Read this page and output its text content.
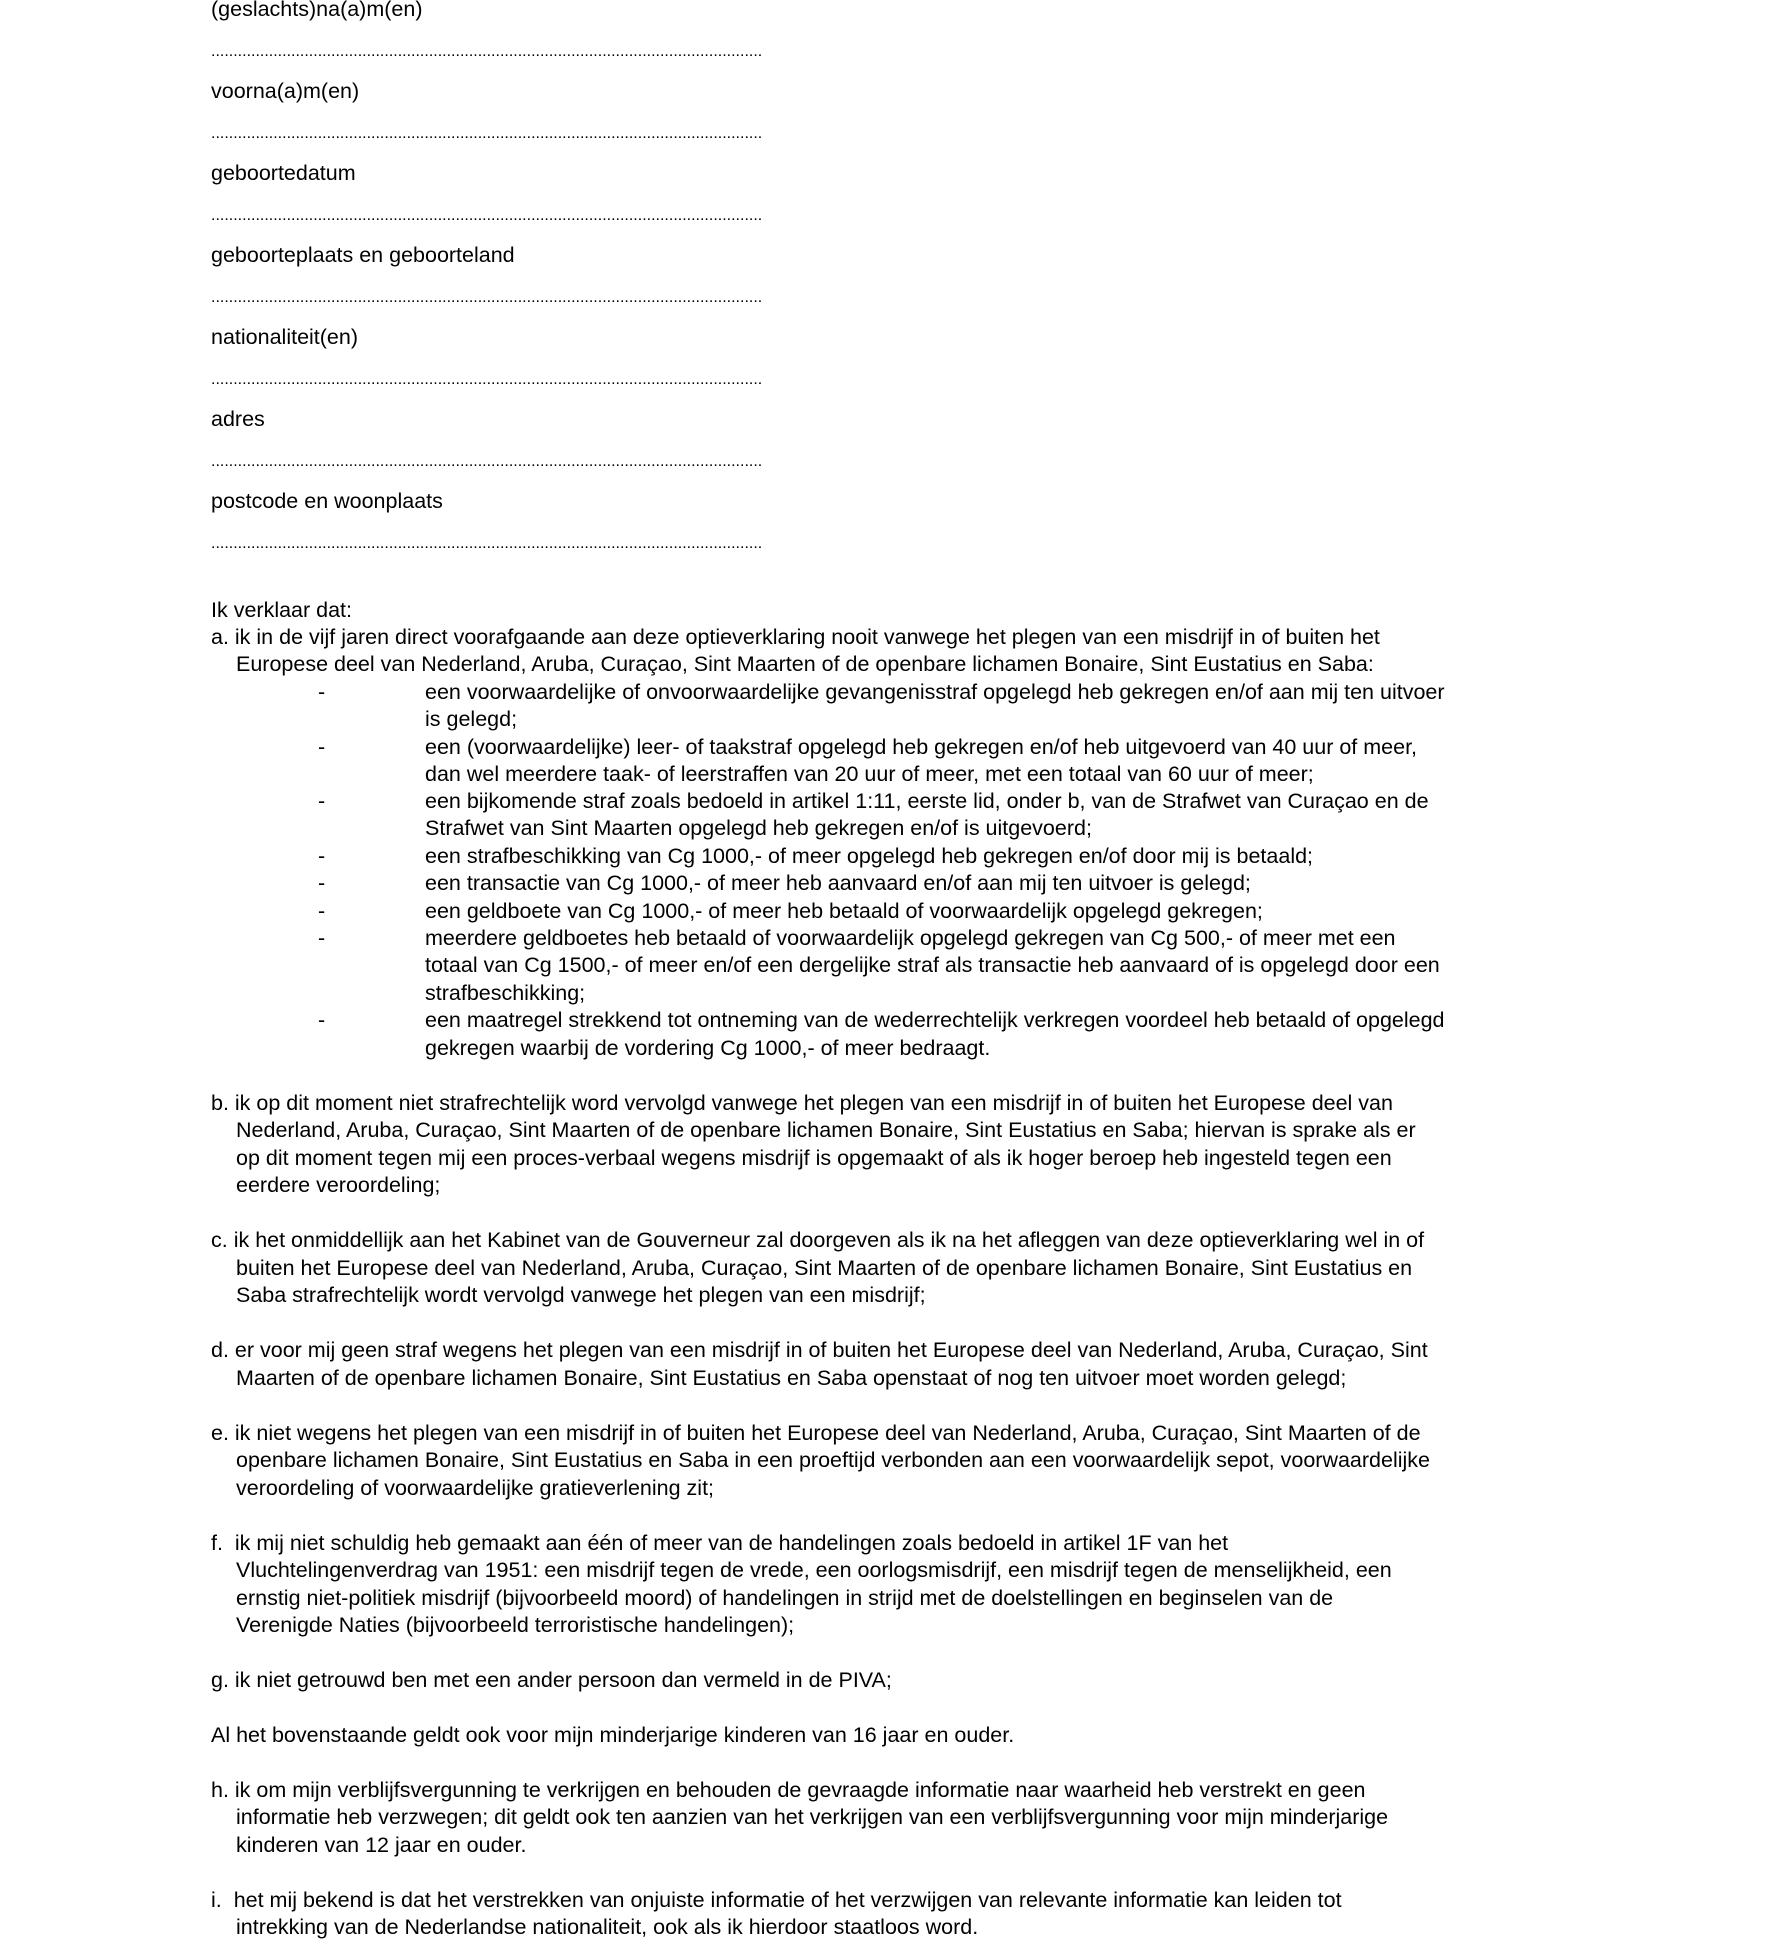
(geslachts)na(a)m(en)
............................................................................................................................
voorna(a)m(en)
............................................................................................................................
geboortedatum
............................................................................................................................
geboorteplaats en geboorteland
............................................................................................................................
nationaliteit(en)
............................................................................................................................
adres
............................................................................................................................
postcode en woonplaats
............................................................................................................................
Ik verklaar dat:
a. ik in de vijf jaren direct voorafgaande aan deze optieverklaring nooit vanwege het plegen van een misdrijf in of buiten het
Europese deel van Nederland, Aruba, Curaçao, Sint Maarten of de openbare lichamen Bonaire, Sint Eustatius en Saba:
-	een voorwaardelijke of onvoorwaardelijke gevangenisstraf opgelegd heb gekregen en/of aan mij ten uitvoer
is gelegd;
-	een (voorwaardelijke) leer- of taakstraf opgelegd heb gekregen en/of heb uitgevoerd van 40 uur of meer,
dan wel meerdere taak- of leerstraffen van 20 uur of meer, met een totaal van 60 uur of meer;
-	een bijkomende straf zoals bedoeld in artikel 1:11, eerste lid, onder b, van de Strafwet van Curaçao en de
Strafwet van Sint Maarten opgelegd heb gekregen en/of is uitgevoerd;
-	een strafbeschikking van Cg 1000,- of meer opgelegd heb gekregen en/of door mij is betaald;
-	een transactie van Cg 1000,- of meer heb aanvaard en/of aan mij ten uitvoer is gelegd;
-	een geldboete van Cg 1000,- of meer heb betaald of voorwaardelijk opgelegd gekregen;
-	meerdere geldboetes heb betaald of voorwaardelijk opgelegd gekregen van Cg 500,- of meer met een
totaal van Cg 1500,- of meer en/of een dergelijke straf als transactie heb aanvaard of is opgelegd door een
strafbeschikking;
-	een maatregel strekkend tot ontneming van de wederrechtelijk verkregen voordeel heb betaald of opgelegd
gekregen waarbij de vordering Cg 1000,- of meer bedraagt.
b. ik op dit moment niet strafrechtelijk word vervolgd vanwege het plegen van een misdrijf in of buiten het Europese deel van
Nederland, Aruba, Curaçao, Sint Maarten of de openbare lichamen Bonaire, Sint Eustatius en Saba; hiervan is sprake als er
op dit moment tegen mij een proces-verbaal wegens misdrijf is opgemaakt of als ik hoger beroep heb ingesteld tegen een
eerdere veroordeling;
c. ik het onmiddellijk aan het Kabinet van de Gouverneur zal doorgeven als ik na het afleggen van deze optieverklaring wel in of
buiten het Europese deel van Nederland, Aruba, Curaçao, Sint Maarten of de openbare lichamen Bonaire, Sint Eustatius en
Saba strafrechtelijk wordt vervolgd vanwege het plegen van een misdrijf;
d. er voor mij geen straf wegens het plegen van een misdrijf in of buiten het Europese deel van Nederland, Aruba, Curaçao, Sint
Maarten of de openbare lichamen Bonaire, Sint Eustatius en Saba openstaat of nog ten uitvoer moet worden gelegd;
e. ik niet wegens het plegen van een misdrijf in of buiten het Europese deel van Nederland, Aruba, Curaçao, Sint Maarten of de
openbare lichamen Bonaire, Sint Eustatius en Saba in een proeftijd verbonden aan een voorwaardelijk sepot, voorwaardelijke
veroordeling of voorwaardelijke gratieverlening zit;
f.  ik mij niet schuldig heb gemaakt aan één of meer van de handelingen zoals bedoeld in artikel 1F van het
Vluchtelingenverdrag van 1951: een misdrijf tegen de vrede, een oorlogsmisdrijf, een misdrijf tegen de menselijkheid, een
ernstig niet-politiek misdrijf (bijvoorbeeld moord) of handelingen in strijd met de doelstellingen en beginselen van de
Verenigde Naties (bijvoorbeeld terroristische handelingen);
g. ik niet getrouwd ben met een ander persoon dan vermeld in de PIVA;
Al het bovenstaande geldt ook voor mijn minderjarige kinderen van 16 jaar en ouder.
h. ik om mijn verblijfsvergunning te verkrijgen en behouden de gevraagde informatie naar waarheid heb verstrekt en geen
informatie heb verzwegen; dit geldt ook ten aanzien van het verkrijgen van een verblijfsvergunning voor mijn minderjarige
kinderen van 12 jaar en ouder.
i.  het mij bekend is dat het verstrekken van onjuiste informatie of het verzwijgen van relevante informatie kan leiden tot
intrekking van de Nederlandse nationaliteit, ook als ik hierdoor staatloos word.
